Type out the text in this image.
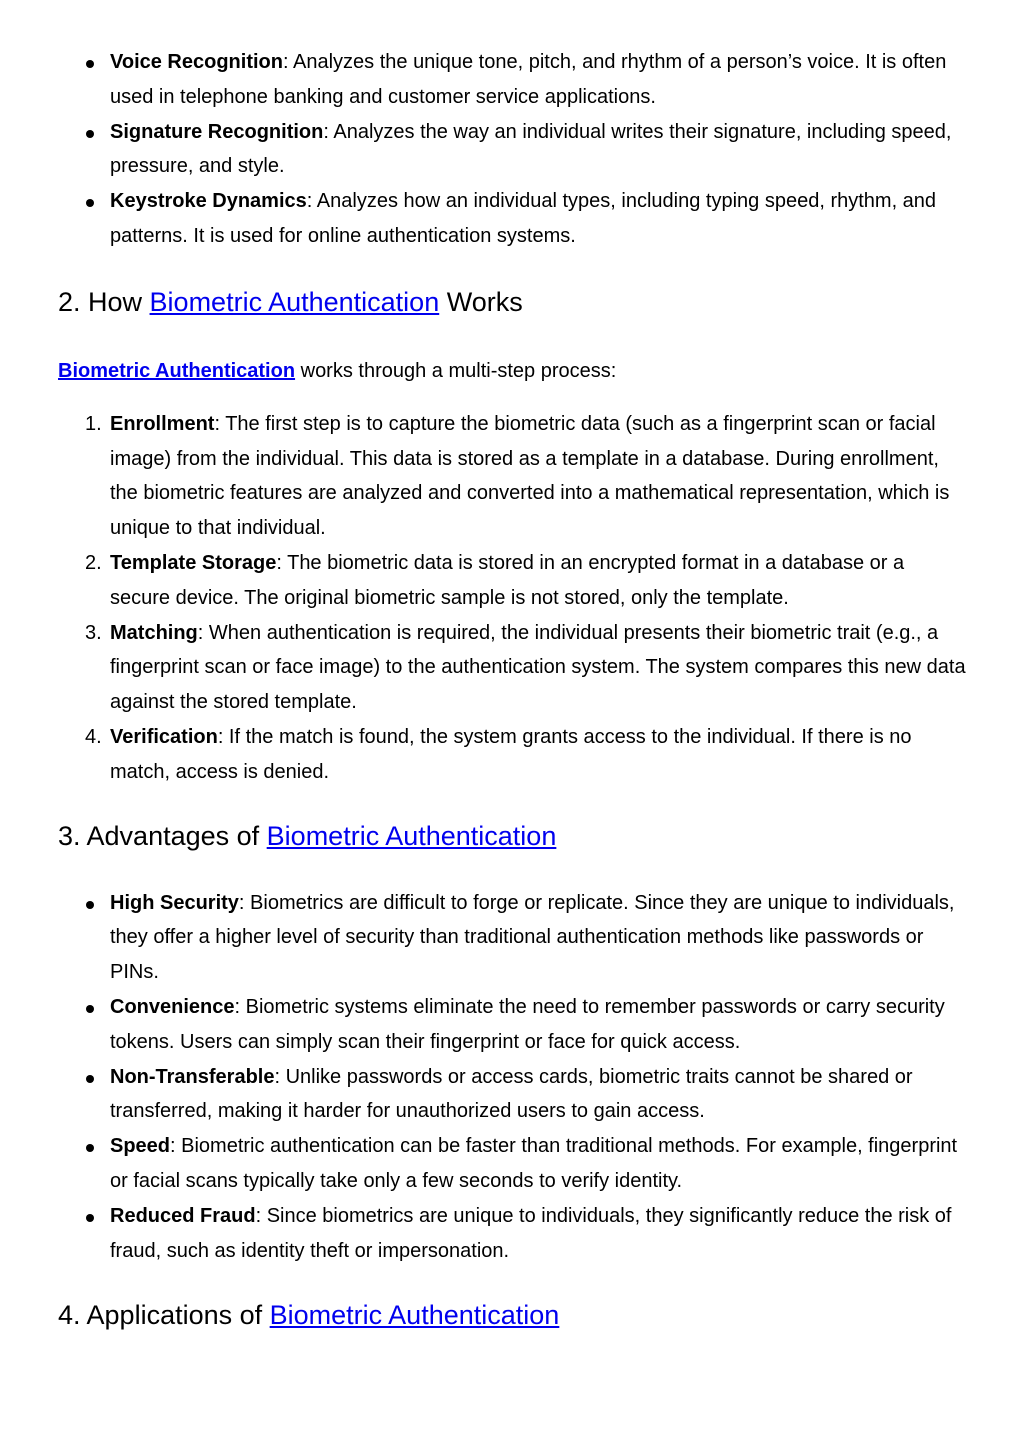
Voice Recognition: Analyzes the unique tone, pitch, and rhythm of a person’s voice. It is often used in telephone banking and customer service applications.
Signature Recognition: Analyzes the way an individual writes their signature, including speed, pressure, and style.
Keystroke Dynamics: Analyzes how an individual types, including typing speed, rhythm, and patterns. It is used for online authentication systems.
2. How Biometric Authentication Works

Biometric Authentication works through a multi-step process:

1. Enrollment: The first step is to capture the biometric data (such as a fingerprint scan or facial image) from the individual. This data is stored as a template in a database. During enrollment, the biometric features are analyzed and converted into a mathematical representation, which is unique to that individual.
2. Template Storage: The biometric data is stored in an encrypted format in a database or a secure device. The original biometric sample is not stored, only the template.
3. Matching: When authentication is required, the individual presents their biometric trait (e.g., a fingerprint scan or face image) to the authentication system. The system compares this new data against the stored template.
4. Verification: If the match is found, the system grants access to the individual. If there is no match, access is denied.
3. Advantages of Biometric Authentication
High Security: Biometrics are difficult to forge or replicate. Since they are unique to individuals, they offer a higher level of security than traditional authentication methods like passwords or PINs.
Convenience: Biometric systems eliminate the need to remember passwords or carry security tokens. Users can simply scan their fingerprint or face for quick access.
Non-Transferable: Unlike passwords or access cards, biometric traits cannot be shared or transferred, making it harder for unauthorized users to gain access.
Speed: Biometric authentication can be faster than traditional methods. For example, fingerprint or facial scans typically take only a few seconds to verify identity.
Reduced Fraud: Since biometrics are unique to individuals, they significantly reduce the risk of fraud, such as identity theft or impersonation.
4. Applications of Biometric Authentication
